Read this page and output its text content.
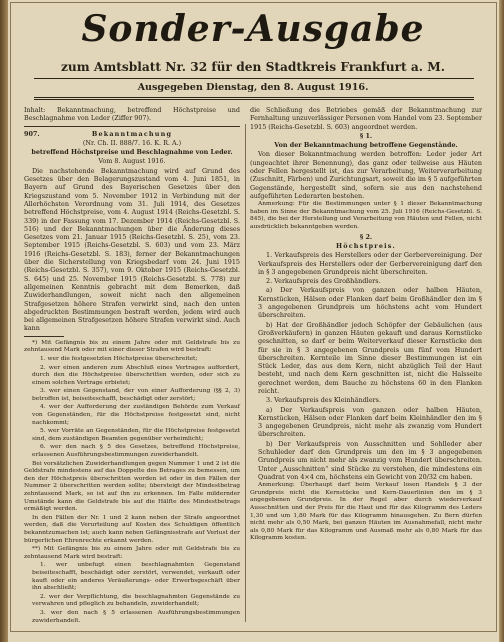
Sonder-Ausgabe
zum Amtsblatt Nr. 32 für den Stadtkreis Frankfurt a. M.
Ausgegeben Dienstag, den 8. August 1916.

Inhalt: Bekanntmachung, betreffend Höchstpreise und Beschlagnahme von Leder (Ziffer 907).

907.	Bekanntmachung

(Nr. Ch. II. 888/7. 16. K. R. A.)

betreffend Höchstpreise und Beschlagnahme von Leder.

Vom 8. August 1916.

Die nachstehende Bekanntmachung wird auf Grund des Gesetzes über den Belagerungszustand vom 4. Juni 1851, in Bayern auf Grund des Bayerischen Gesetzes über den Kriegszustand vom 5. November 1912 in Verbindung mit der Allerhöchsten Verordnung vom 31. Juli 1914, des Gesetzes betreffend Höchstpreise, vom 4. August 1914 (Reichs-Gesetzbl. S. 339) in der Fassung vom 17. Dezember 1914 (Reichs-Gesetzbl. S. 516) und der Bekanntmachungen über die Änderung dieses Gesetzes vom 21. Januar 1915 (Reichs-Gesetzbl. S. 25), vom 23. September 1915 (Reichs-Gesetzbl. S. 603) und vom 23. März 1916 (Reichs-Gesetzbl. S. 183), ferner der Bekanntmachungen über die Sicherstellung von Kriegsbedarf vom 24. Juni 1915 (Reichs-Gesetzbl. S. 357), vom 9. Oktober 1915 (Reichs-Gesetzbl. S. 645) und 25. November 1915 (Reichs-Gesetzbl. S. 778) zur allgemeinen Kenntnis gebracht mit dem Bemerken, daß Zuwiderhandlungen, soweit nicht nach den allgemeinen Strafgesetzen höhere Strafen verwirkt sind, nach den unten abgedruckten Bestimmungen bestraft werden, jedem wird auch bei allgemeinen Strafgesetzen höhere Strafen verwirkt sind. Auch kann

*) Mit Gefängnis bis zu einem Jahre oder mit Geldstrafe bis zu zehntausend Mark oder mit einer dieser Strafen wird bestraft:

1. wer die festgesetzten Höchstpreise überschreitet;

2. wer einen anderen zum Abschluß eines Vertrages auffordert, durch den die Höchstpreise überschritten werden, oder sich zu einem solchen Vertrage erbietet;

3. wer einen Gegenstand, der von einer Aufforderung (§§ 2, 3) betroffen ist, beiseiteschafft, beschädigt oder zerstört;

4. wer der Aufforderung der zuständigen Behörde zum Verkauf von Gegenständen, für die Höchstpreise festgesetzt sind, nicht nachkommt;

5. wer Vorräte an Gegenständen, für die Höchstpreise festgesetzt sind, dem zuständigen Beamten gegenüber verheimlicht;

6. wer den nach § 5 des Gesetzes, betreffend Höchstpreise, erlassenen Ausführungsbestimmungen zuwiderhandelt.

Bei vorsätzlichen Zuwiderhandlungen gegen Nummer 1 und 2 ist die Geldstrafe mindestens auf das Doppelte des Betrages zu bemessen, um den der Höchstpreis überschritten worden ist oder in den Fällen der Nummer 2 überschritten werden sollte; übersteigt der Mindestbetrag zehntausend Mark, so ist auf ihn zu erkennen. Im Falle mildernder Umstände kann die Geldstrafe bis auf die Hälfte des Mindestbetrags ermäßigt werden.

In den Fällen der Nr. 1 und 2 kann neben der Strafe angeordnet werden, daß die Verurteilung auf Kosten des Schuldigen öffentlich bekanntzumachen ist; auch kann neben Gefängnisstrafe auf Verlust der bürgerlichen Ehrenrechte erkannt werden.

**) Mit Gefängnis bis zu einem Jahre oder mit Geldstrafe bis zu zehntausend Mark wird bestraft:

1. wer unbefugt einen beschlagnahmten Gegenstand beiseiteschafft, beschädigt oder zerstört, verwendet, verkauft oder kauft oder ein anderes Veräußerungs- oder Erwerbsgeschäft über ihn abschließt;

2. wer der Verpflichtung, die beschlagnahmten Gegenstände zu verwahren und pfleglich zu behandeln, zuwiderhandelt;

3. wer den nach § 5 erlassenen Ausführungsbestimmungen zuwiderhandelt.

die Schließung des Betriebes gemäß der Bekanntmachung zur Fernhaltung unzuverlässiger Personen vom Handel vom 23. September 1915 (Reichs-Gesetzbl. S. 603) angeordnet werden.

§ 1.

Von der Bekanntmachung betroffene Gegenstände.

Von dieser Bekanntmachung werden betroffen: Leder jeder Art (ungeachtet ihrer Benennung), das ganz oder teilweise aus Häuten oder Fellen hergestellt ist, das zur Verarbeitung, Weiterverarbeitung (Zuschnitt, Färben) und Zurichtungsart, soweit die im § 5 aufgeführten Gegenstände, hergestellt sind, sofern sie aus den nachstehend aufgeführten Lederarten bestehen.

Anmerkung: Für die Bestimmungen unter § 1 dieser Bekanntmachung haben im Sinne der Bekanntmachung vom 25. Juli 1916 (Reichs-Gesetzbl. S. 845), die bei der Herstellung und Verarbeitung von Häuten und Fellen, nicht ausdrücklich bekanntgeben werden.

§ 2.

Höchstpreis.

1. Verkaufspreis des Herstellers oder der Gerbervereinigung. Der Verkaufspreis des Herstellers oder der Gerbervereinigung darf den in § 3 angegebenen Grundpreis nicht überschreiten.

2. Verkaufspreis des Großhändlers.

a) Der Verkaufspreis von ganzen oder halben Häuten, Kernstücken, Hälsen oder Flanken darf beim Großhändler den im § 3 angegebenen Grundpreis um höchstens acht vom Hundert überschreiten.

b) Hat der Großhändler jedoch Schöpfer der Gebäulichen (aus Großverkäufern) in ganzen Häuten gekauft und daraus Kernstücke geschnitten, so darf er beim Weiterverkauf dieser Kernstücke den für sie in § 3 angegebenen Grundpreis um fünf vom Hundert überschreiten. Kernteile im Sinne dieser Bestimmungen ist ein Stück Leder, das aus dem Kern, nicht abzüglich Teil der Haut besteht, und nach dem Kern geschnitten ist, nicht die Halsseite gerechnet werden, dem Bauche zu höchstens 60 in den Flanken reicht.

3. Verkaufspreis des Kleinhändlers.

a) Der Verkaufspreis von ganzen oder halben Häuten, Kernstücken, Hälsen oder Flanken darf beim Kleinhändler den im § 3 angegebenen Grundpreis, nicht mehr als zwanzig vom Hundert überschreiten.

b) Der Verkaufspreis von Ausschnitten und Sohlleder aber Schuhleder darf den Grundpreis um den im § 3 angegebenen Grundpreis um nicht mehr als zwanzig vom Hundert überschreiten. Unter „Ausschnitten“ sind Stücke zu verstehen, die mindestens ein Quadrat von 4×4 cm, höchstens ein Gewicht von 20/32 cm haben.

Anmerkung: Überhaupt darf beim Verkauf losen Handels § 3 der Grundpreis nicht die Kernstücke und Kern-Dauerlinien den im § 3 angegebenen Grundpreis. In der Regel aber durch wiederverkauf Ausschnitten und der Preis für die Haut und für das Kilogramm des Leders 1,30 und um 1,80 Mark für das Kilogramm hinausgehen. Zu Bern dürfen nicht mehr als 0,50 Mark, bei ganzen Häuten im Ausnahmefall, nicht mehr als 0,80 Mark für das Kilogramm und Ausmaß mehr als 0,80 Mark für das Kilogramm kosten.
